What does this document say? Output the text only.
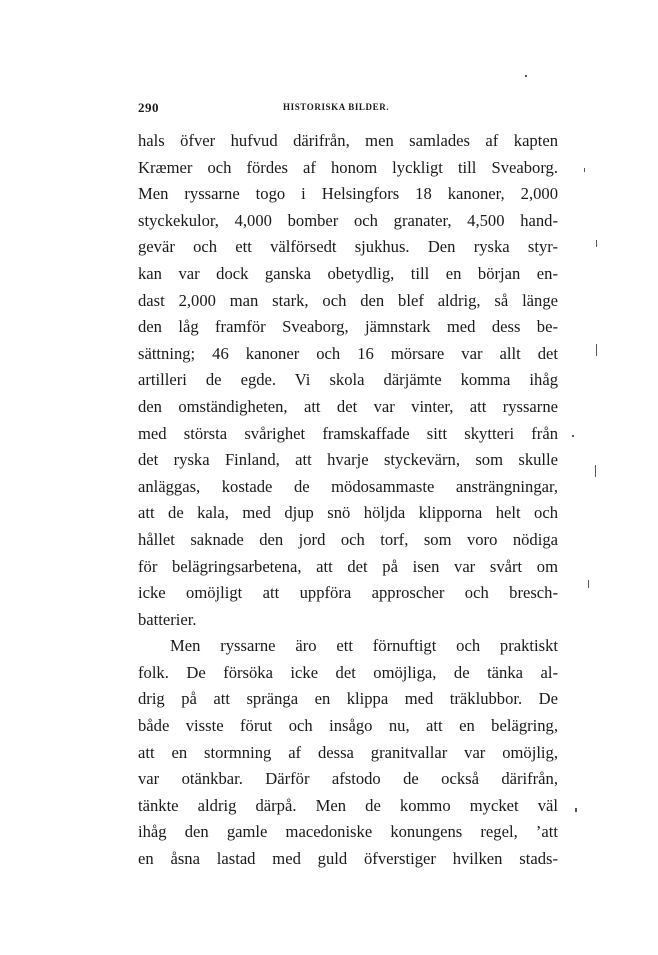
290	HISTORISKA BILDER.
hals öfver hufvud därifrån, men samlades af kapten
Kræmer och fördes af honom lyckligt till Sveaborg.
Men ryssarne togo i Helsingfors 18 kanoner, 2,000
styckekulor, 4,000 bomber och granater, 4,500 hand-
gevär och ett välförsedt sjukhus. Den ryska styr-
kan var dock ganska obetydlig, till en början en-
dast 2,000 man stark, och den blef aldrig, så länge
den låg framför Sveaborg, jämnstark med dess be-
sättning; 46 kanoner och 16 mörsare var allt det
artilleri de egde. Vi skola därjämte komma ihåg
den omständigheten, att det var vinter, att ryssarne
med största svårighet framskaffade sitt skytteri från
det ryska Finland, att hvarje styckevärn, som skulle
anläggas, kostade de mödosammaste ansträngningar,
att de kala, med djup snö höljda klipporna helt och
hållet saknade den jord och torf, som voro nödiga
för belägringsarbetena, att det på isen var svårt om
icke omöjligt att uppföra approscher och bresch-
batterier.
Men ryssarne äro ett förnuftigt och praktiskt
folk. De försöka icke det omöjliga, de tänka al-
drig på att spränga en klippa med träklubbor. De
både visste förut och insågo nu, att en belägring,
att en stormning af dessa granitvallar var omöjlig,
var otänkbar. Därför afstodo de också därifrån,
tänkte aldrig därpå. Men de kommo mycket väl
ihåg den gamle macedoniske konungens regel, ’att
en åsna lastad med guld öfverstiger hvilken stads-
